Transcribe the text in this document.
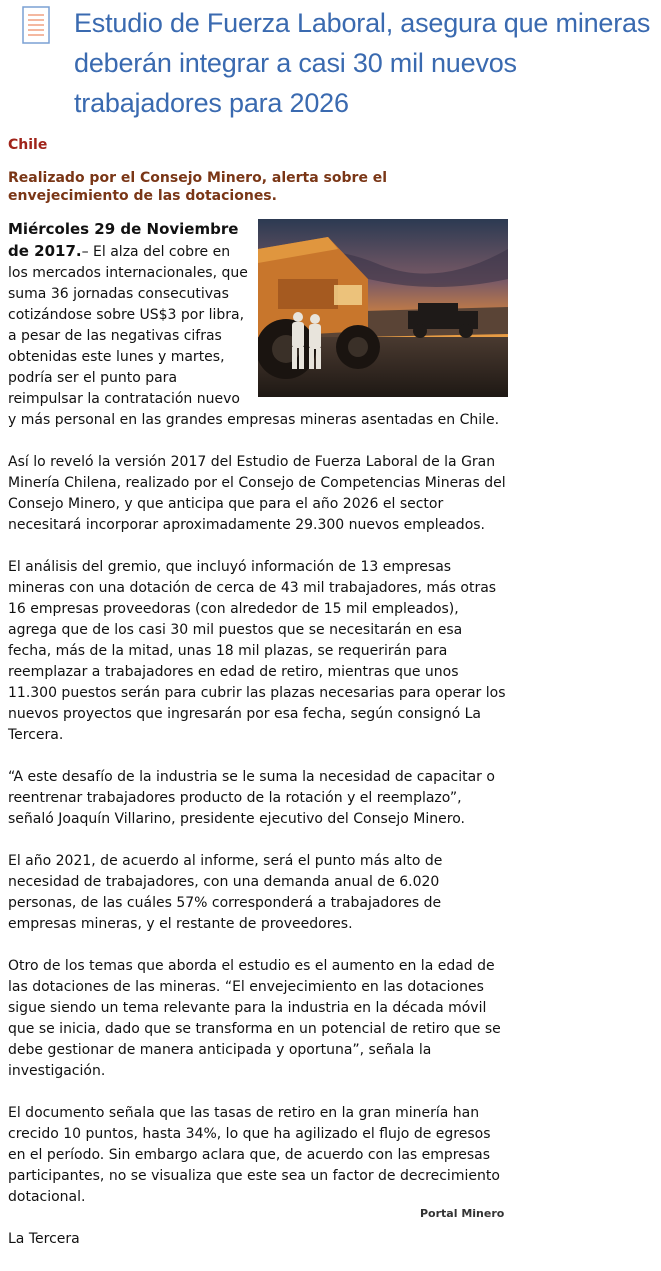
Estudio de Fuerza Laboral, asegura que mineras deberán integrar a casi 30 mil nuevos trabajadores para 2026

Chile

Realizado por el Consejo Minero, alerta sobre el envejecimiento de las dotaciones.

Miércoles 29 de Noviembre de 2017.– El alza del cobre en los mercados internacionales, que suma 36 jornadas consecutivas cotizándose sobre US$3 por libra, a pesar de las negativas cifras obtenidas este lunes y martes, podría ser el punto para reimpulsar la contratación nuevo y más personal en las grandes empresas mineras asentadas en Chile.

Así lo reveló la versión 2017 del Estudio de Fuerza Laboral de la Gran Minería Chilena, realizado por el Consejo de Competencias Mineras del Consejo Minero, y que anticipa que para el año 2026 el sector necesitará incorporar aproximadamente 29.300 nuevos empleados.

El análisis del gremio, que incluyó información de 13 empresas mineras con una dotación de cerca de 43 mil trabajadores, más otras 16 empresas proveedoras (con alrededor de 15 mil empleados), agrega que de los casi 30 mil puestos que se necesitarán en esa fecha, más de la mitad, unas 18 mil plazas, se requerirán para reemplazar a trabajadores en edad de retiro, mientras que unos 11.300 puestos serán para cubrir las plazas necesarias para operar los nuevos proyectos que ingresarán por esa fecha, según consignó La Tercera.

“A este desafío de la industria se le suma la necesidad de capacitar o reentrenar trabajadores producto de la rotación y el reemplazo”, señaló Joaquín Villarino, presidente ejecutivo del Consejo Minero.

El año 2021, de acuerdo al informe, será el punto más alto de necesidad de trabajadores, con una demanda anual de 6.020 personas, de las cuáles 57% corresponderá a trabajadores de empresas mineras, y el restante de proveedores.

Otro de los temas que aborda el estudio es el aumento en la edad de las dotaciones de las mineras. “El envejecimiento en las dotaciones sigue siendo un tema relevante para la industria en la década móvil que se inicia, dado que se transforma en un potencial de retiro que se debe gestionar de manera anticipada y oportuna”, señala la investigación.

El documento señala que las tasas de retiro en la gran minería han crecido 10 puntos, hasta 34%, lo que ha agilizado el flujo de egresos en el período. Sin embargo aclara que, de acuerdo con las empresas participantes, no se visualiza que este sea un factor de decrecimiento dotacional.

La Tercera

Portal Minero
